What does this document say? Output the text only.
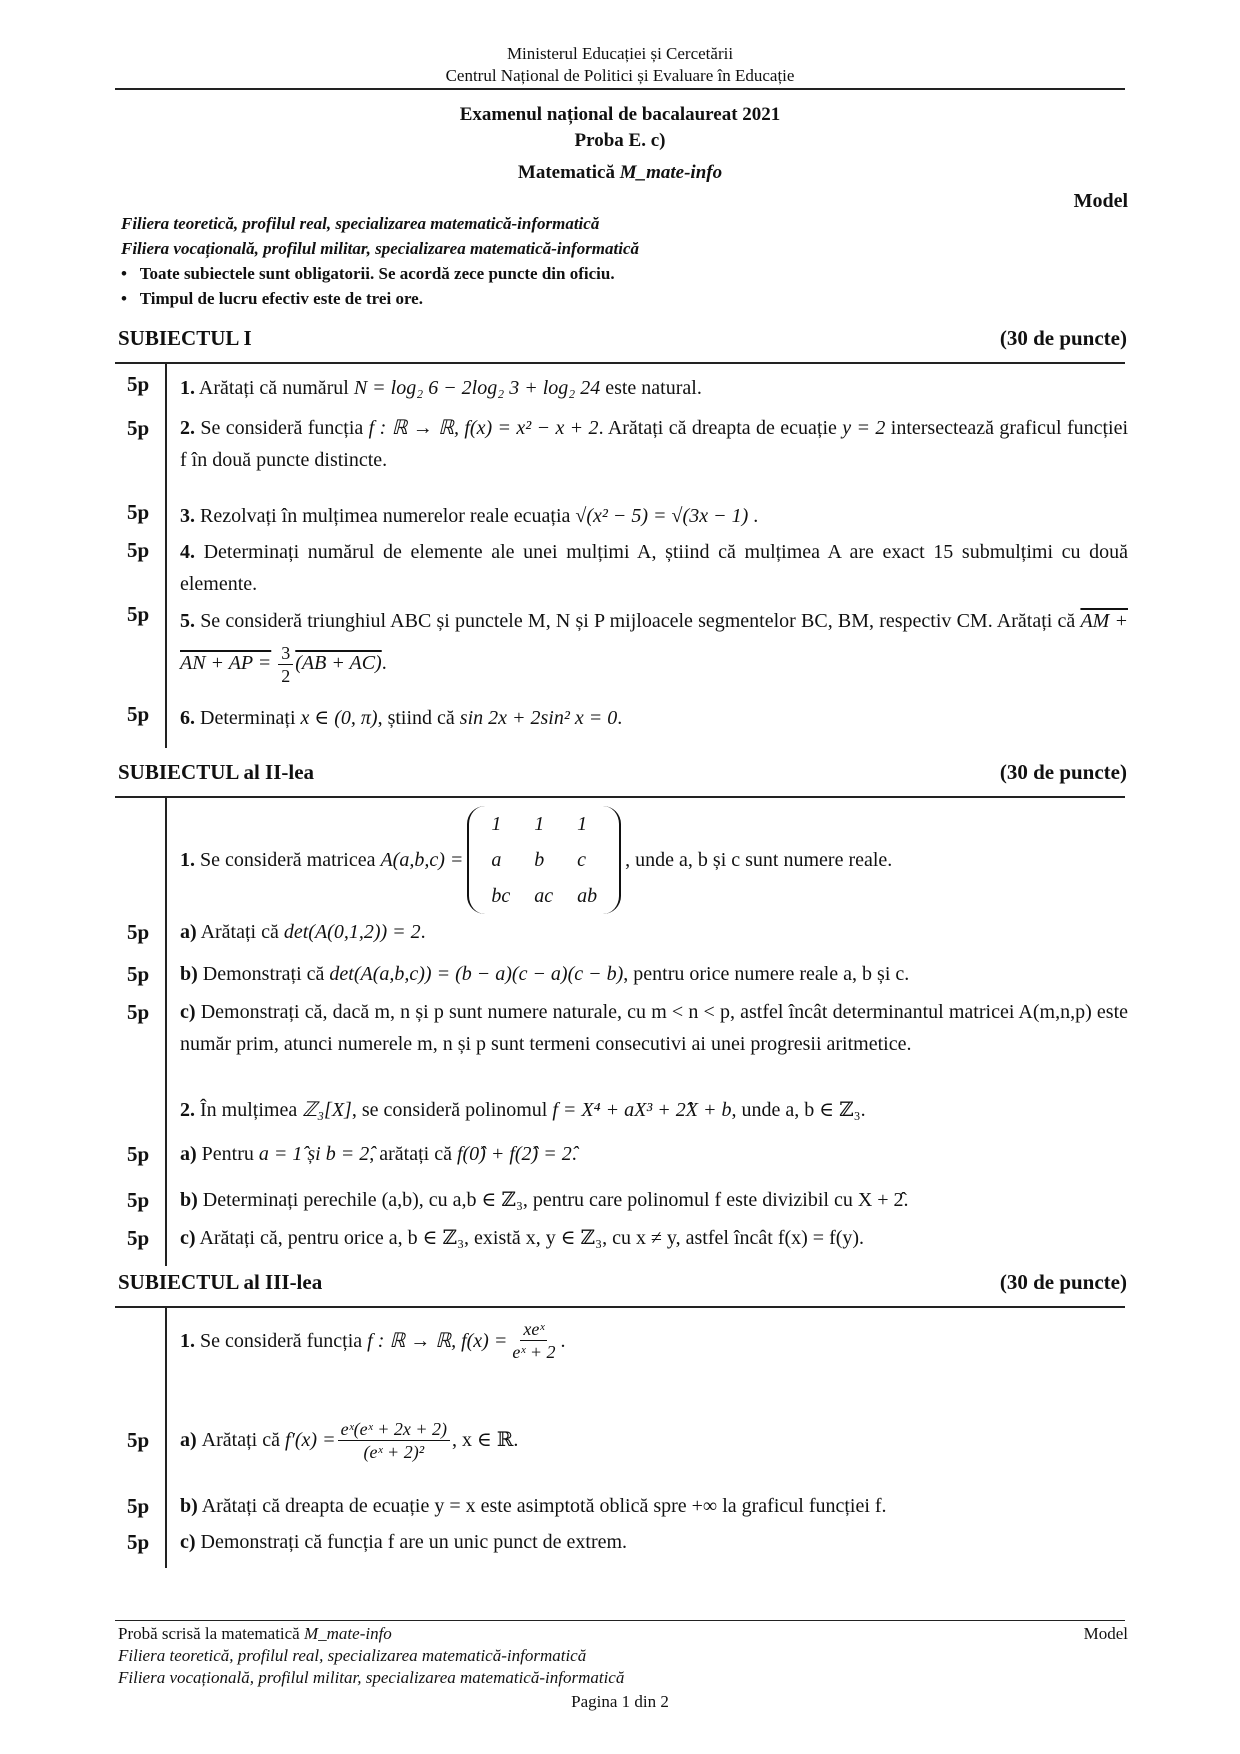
Ministerul Educației și Cercetării
Centrul Național de Politici și Evaluare în Educație
Examenul național de bacalaureat 2021
Proba E. c)
Matematică M_mate-info
Model
Filiera teoretică, profilul real, specializarea matematică-informatică
Filiera vocațională, profilul militar, specializarea matematică-informatică
•   Toate subiectele sunt obligatorii. Se acordă zece puncte din oficiu.
•   Timpul de lucru efectiv este de trei ore.
SUBIECTUL I	(30 de puncte)
5p	1. Arătați că numărul N = log₂ 6 − 2log₂ 3 + log₂ 24 este natural.
5p	2. Se consideră funcția f : ℝ → ℝ, f(x) = x² − x + 2. Arătați că dreapta de ecuație y = 2 intersectează graficul funcției f în două puncte distincte.
5p	3. Rezolvați în mulțimea numerelor reale ecuația √(x² − 5) = √(3x − 1) .
5p	4. Determinați numărul de elemente ale unei mulțimi A, știind că mulțimea A are exact 15 submulțimi cu două elemente.
5p	5. Se consideră triunghiul ABC și punctele M, N și P mijloacele segmentelor BC, BM, respectiv CM. Arătați că AM + AN + AP = $\frac{3}{2} (AB + AC)$.
5p	6. Determinați x ∈ (0, π), știind că sin 2x + 2sin² x = 0.
SUBIECTUL al II-lea	(30 de puncte)
1.
Se consideră matricea
A(a,b,c) =
1	1	1
a	b	c
bc	ac	ab
, unde a, b și c sunt numere reale.
5p	a) Arătați că det(A(0,1,2)) = 2.
5p	b) Demonstrați că det(A(a,b,c)) = (b − a)(c − a)(c − b), pentru orice numere reale a, b și c.
5p	c) Demonstrați că, dacă m, n și p sunt numere naturale, cu m < n < p, astfel încât determinantul matricei A(m,n,p) este număr prim, atunci numerele m, n și p sunt termeni consecutivi ai unei progresii aritmetice.
2. În mulțimea ℤ₃[X], se consideră polinomul f = X⁴ + aX³ + 2̂X + b, unde a, b ∈ ℤ₃.
5p	a) Pentru a = 1̂ și b = 2̂, arătați că f(0̂) + f(2̂) = 2̂.
5p	b) Determinați perechile (a,b), cu a,b ∈ ℤ₃, pentru care polinomul f este divizibil cu X + 2̂.
5p	c) Arătați că, pentru orice a, b ∈ ℤ₃, există x, y ∈ ℤ₃, cu x ≠ y, astfel încât f(x) = f(y).
SUBIECTUL al III-lea	(30 de puncte)
1.
Se consideră funcția
f : ℝ → ℝ, $f(x) = \frac{\text{xeˣ}}{\text{eˣ + 2}}$ .
5p	a)
Arătați că
$f'(x) = \frac{\text{eˣ(eˣ + 2x + 2)}}{\text{(eˣ + 2)²}}$ , x ∈ ℝ.
5p	b) Arătați că dreapta de ecuație y = x este asimptotă oblică spre +∞ la graficul funcției f.
5p	c) Demonstrați că funcția f are un unic punct de extrem.
Probă scrisă la matematică M_mate-info	Model
Filiera teoretică, profilul real, specializarea matematică-informatică
Filiera vocațională, profilul militar, specializarea matematică-informatică
Pagina 1 din 2
